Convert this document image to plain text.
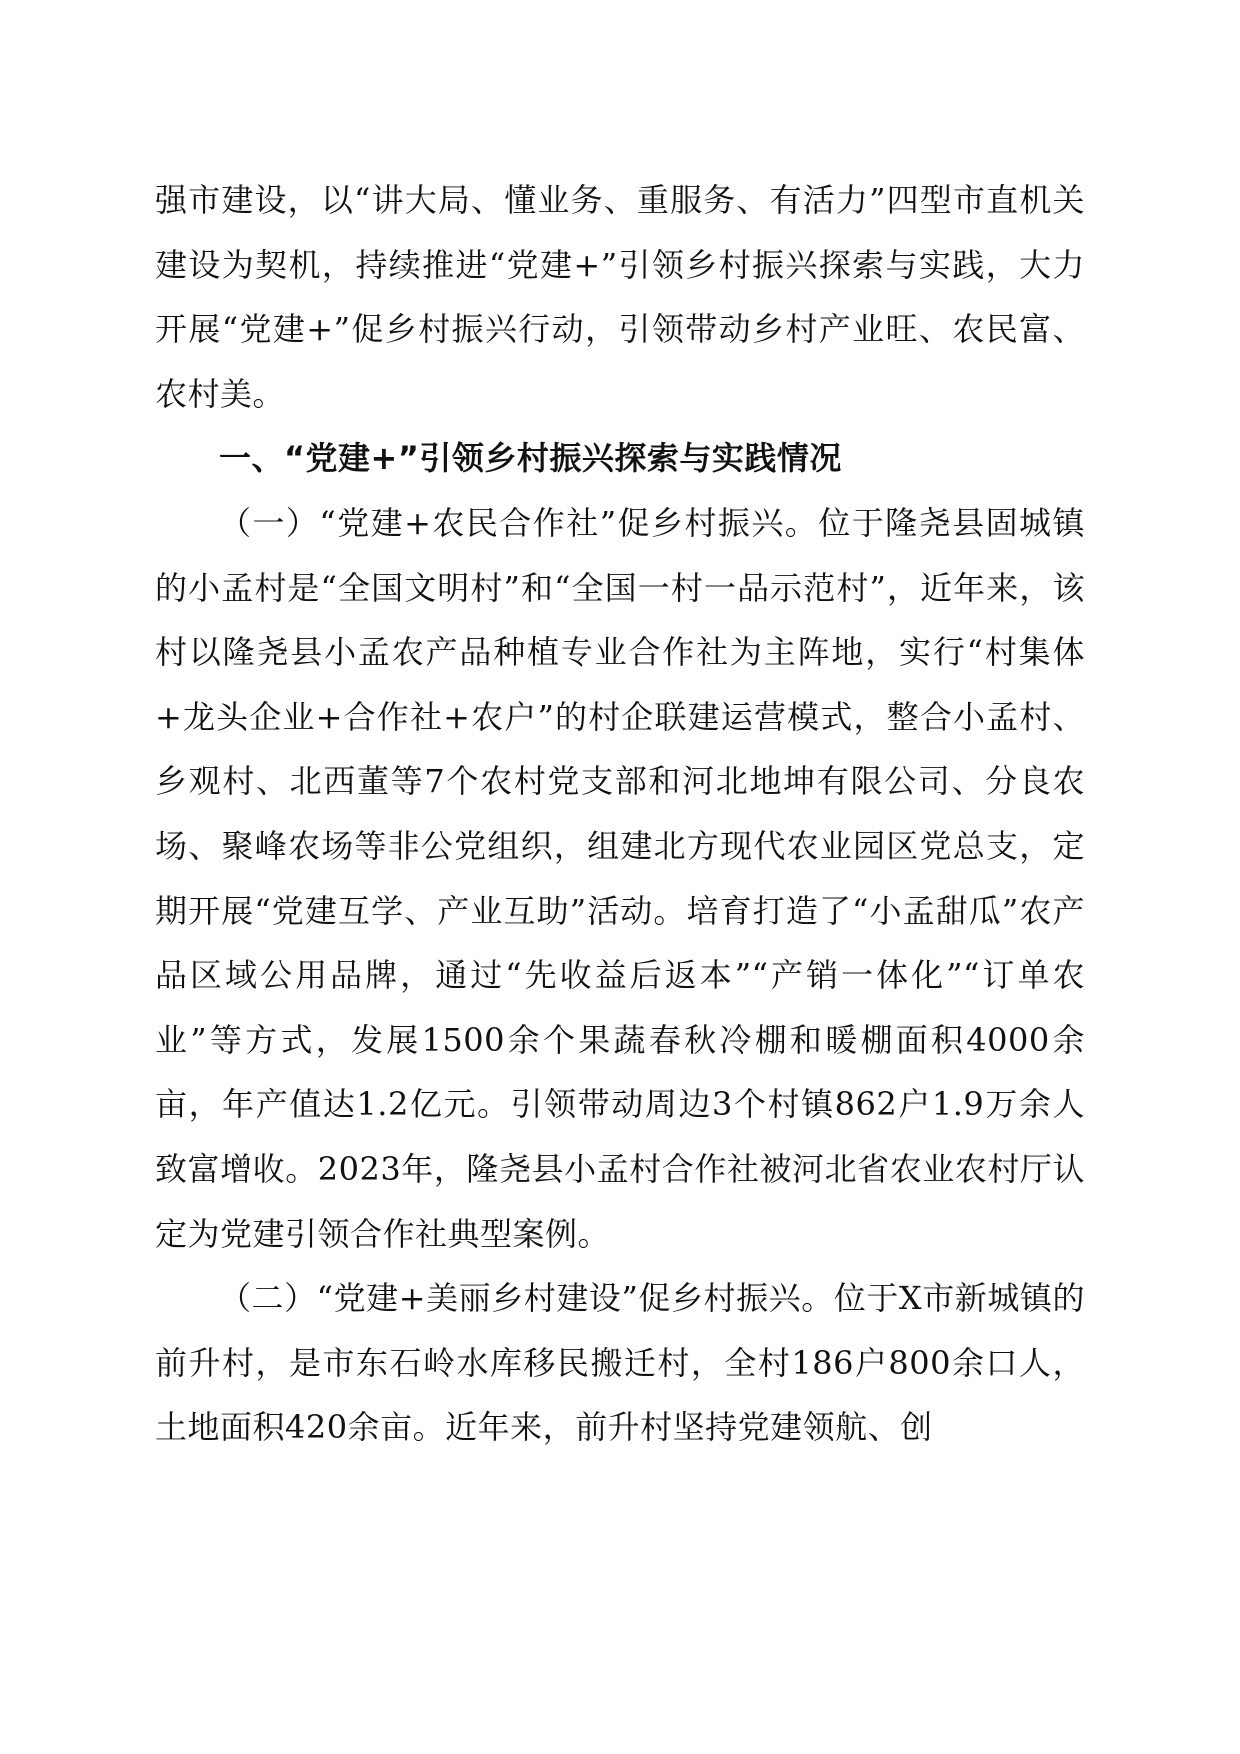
强市建设，以“讲大局、懂业务、重服务、有活力”四型市直机关建设为契机，持续推进“党建+”引领乡村振兴探索与实践，大力开展“党建+”促乡村振兴行动，引领带动乡村产业旺、农民富、农村美。

一、“党建+”引领乡村振兴探索与实践情况

（一）“党建+农民合作社”促乡村振兴。位于隆尧县固城镇的小孟村是“全国文明村”和“全国一村一品示范村”，近年来，该村以隆尧县小孟农产品种植专业合作社为主阵地，实行“村集体+龙头企业+合作社+农户”的村企联建运营模式，整合小孟村、乡观村、北西董等7个农村党支部和河北地坤有限公司、分良农场、聚峰农场等非公党组织，组建北方现代农业园区党总支，定期开展“党建互学、产业互助”活动。培育打造了“小孟甜瓜”农产品区域公用品牌，通过“先收益后返本”“产销一体化”“订单农业”等方式，发展1500余个果蔬春秋冷棚和暖棚面积4000余亩，年产值达1.2亿元。引领带动周边3个村镇862户1.9万余人致富增收。2023年，隆尧县小孟村合作社被河北省农业农村厅认定为党建引领合作社典型案例。

（二）“党建+美丽乡村建设”促乡村振兴。位于X市新城镇的前升村，是市东石岭水库移民搬迁村，全村186户800余口人，土地面积420余亩。近年来，前升村坚持党建领航、创
